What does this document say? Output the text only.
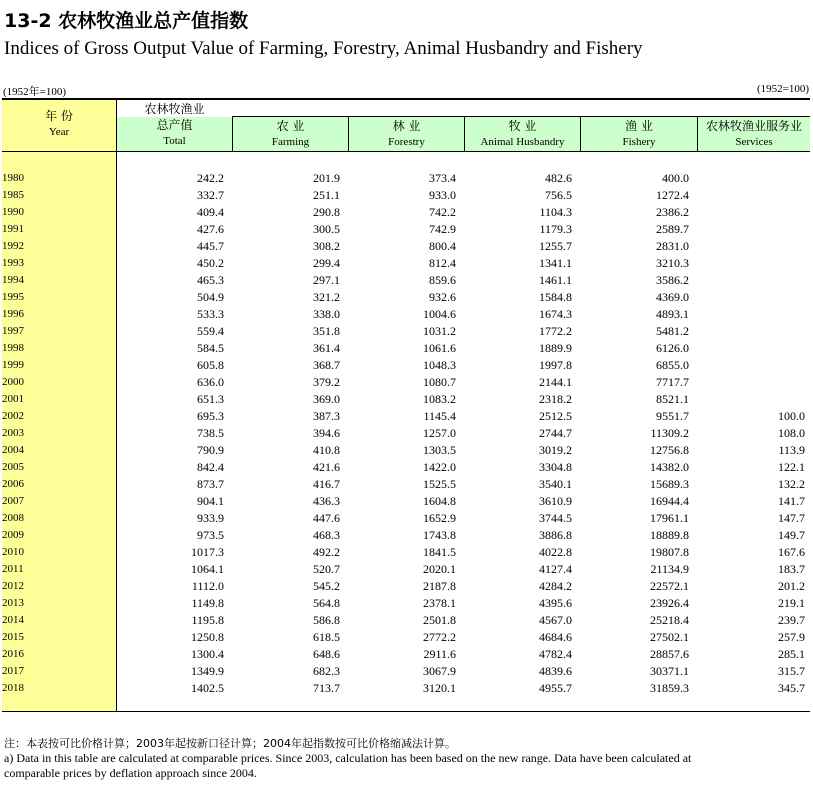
13-2 农林牧渔业总产值指数
Indices of Gross Output Value of Farming, Forestry, Animal Husbandry and Fishery
(1952年=100)	(1952=100)
年 份
Year
农林牧渔业
总产值
Total
农 业
Farming
林 业
Forestry
牧 业
Animal Husbandry
渔 业
Fishery
农林牧渔业服务业
Services
1980	242.2	201.9	373.4	482.6	400.0	
1985	332.7	251.1	933.0	756.5	1272.4	
1990	409.4	290.8	742.2	1104.3	2386.2	
1991	427.6	300.5	742.9	1179.3	2589.7	
1992	445.7	308.2	800.4	1255.7	2831.0	
1993	450.2	299.4	812.4	1341.1	3210.3	
1994	465.3	297.1	859.6	1461.1	3586.2	
1995	504.9	321.2	932.6	1584.8	4369.0	
1996	533.3	338.0	1004.6	1674.3	4893.1	
1997	559.4	351.8	1031.2	1772.2	5481.2	
1998	584.5	361.4	1061.6	1889.9	6126.0	
1999	605.8	368.7	1048.3	1997.8	6855.0	
2000	636.0	379.2	1080.7	2144.1	7717.7	
2001	651.3	369.0	1083.2	2318.2	8521.1	
2002	695.3	387.3	1145.4	2512.5	9551.7	100.0
2003	738.5	394.6	1257.0	2744.7	11309.2	108.0
2004	790.9	410.8	1303.5	3019.2	12756.8	113.9
2005	842.4	421.6	1422.0	3304.8	14382.0	122.1
2006	873.7	416.7	1525.5	3540.1	15689.3	132.2
2007	904.1	436.3	1604.8	3610.9	16944.4	141.7
2008	933.9	447.6	1652.9	3744.5	17961.1	147.7
2009	973.5	468.3	1743.8	3886.8	18889.8	149.7
2010	1017.3	492.2	1841.5	4022.8	19807.8	167.6
2011	1064.1	520.7	2020.1	4127.4	21134.9	183.7
2012	1112.0	545.2	2187.8	4284.2	22572.1	201.2
2013	1149.8	564.8	2378.1	4395.6	23926.4	219.1
2014	1195.8	586.8	2501.8	4567.0	25218.4	239.7
2015	1250.8	618.5	2772.2	4684.6	27502.1	257.9
2016	1300.4	648.6	2911.6	4782.4	28857.6	285.1
2017	1349.9	682.3	3067.9	4839.6	30371.1	315.7
2018	1402.5	713.7	3120.1	4955.7	31859.3	345.7
注：本表按可比价格计算；2003年起按新口径计算；2004年起指数按可比价格缩减法计算。
a) Data in this table are calculated at comparable prices. Since 2003, calculation has been based on the new range. Data have been calculated at
comparable prices by deflation approach since 2004.
